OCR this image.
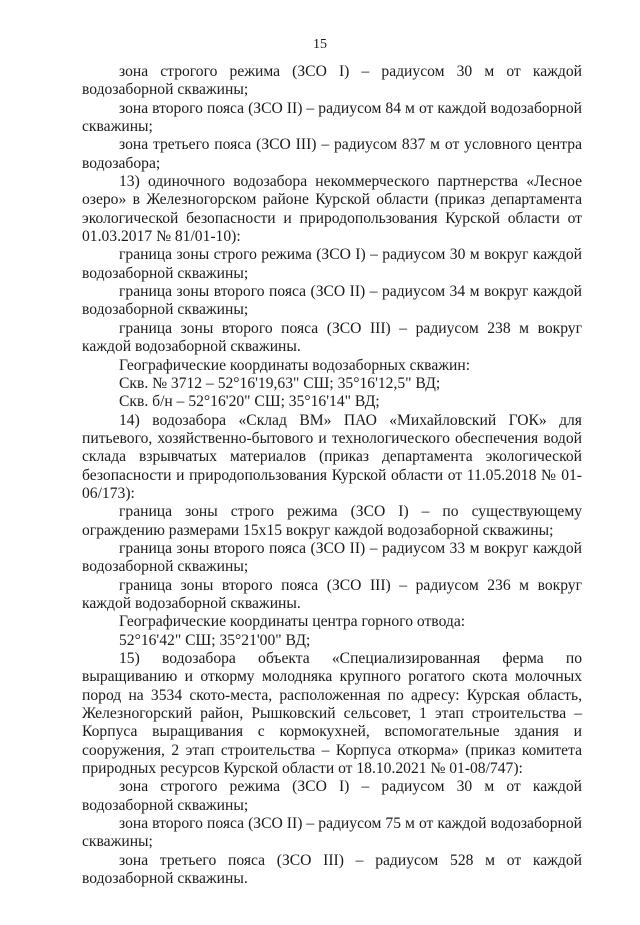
15

зона строгого режима (ЗСО I) – радиусом 30 м от каждой водозаборной скважины;

зона второго пояса (ЗСО II) – радиусом 84 м от каждой водозаборной скважины;

зона третьего пояса (ЗСО III) – радиусом 837 м от условного центра водозабора;

13) одиночного водозабора некоммерческого партнерства «Лесное озеро» в Железногорском районе Курской области (приказ департамента экологической безопасности и природопользования Курской области от 01.03.2017 № 81/01-10):

граница зоны строго режима (ЗСО I) – радиусом 30 м вокруг каждой водозаборной скважины;

граница зоны второго пояса (ЗСО II) – радиусом 34 м вокруг каждой водозаборной скважины;

граница зоны второго пояса (ЗСО III) – радиусом 238 м вокруг каждой водозаборной скважины.

Географические координаты водозаборных скважин:

Скв. № 3712 – 52°16'19,63" СШ; 35°16'12,5" ВД;

Скв. б/н – 52°16'20" СШ; 35°16'14" ВД;

14) водозабора «Склад ВМ» ПАО «Михайловский ГОК» для питьевого, хозяйственно-бытового и технологического обеспечения водой склада взрывчатых материалов (приказ департамента экологической безопасности и природопользования Курской области от 11.05.2018 № 01-06/173):

граница зоны строго режима (ЗСО I) – по существующему ограждению размерами 15х15 вокруг каждой водозаборной скважины;

граница зоны второго пояса (ЗСО II) – радиусом 33 м вокруг каждой водозаборной скважины;

граница зоны второго пояса (ЗСО III) – радиусом 236 м вокруг каждой водозаборной скважины.

Географические координаты центра горного отвода:

52°16'42" СШ; 35°21'00" ВД;

15) водозабора объекта «Специализированная ферма по выращиванию и откорму молодняка крупного рогатого скота молочных пород на 3534 ското-места, расположенная по адресу: Курская область, Железногорский район, Рышковский сельсовет, 1 этап строительства – Корпуса выращивания с кормокухней, вспомогательные здания и сооружения, 2 этап строительства – Корпуса откорма» (приказ комитета природных ресурсов Курской области от 18.10.2021 № 01-08/747):

зона строгого режима (ЗСО I) – радиусом 30 м от каждой водозаборной скважины;

зона второго пояса (ЗСО II) – радиусом 75 м от каждой водозаборной скважины;

зона третьего пояса (ЗСО III) – радиусом 528 м от каждой водозаборной скважины.
